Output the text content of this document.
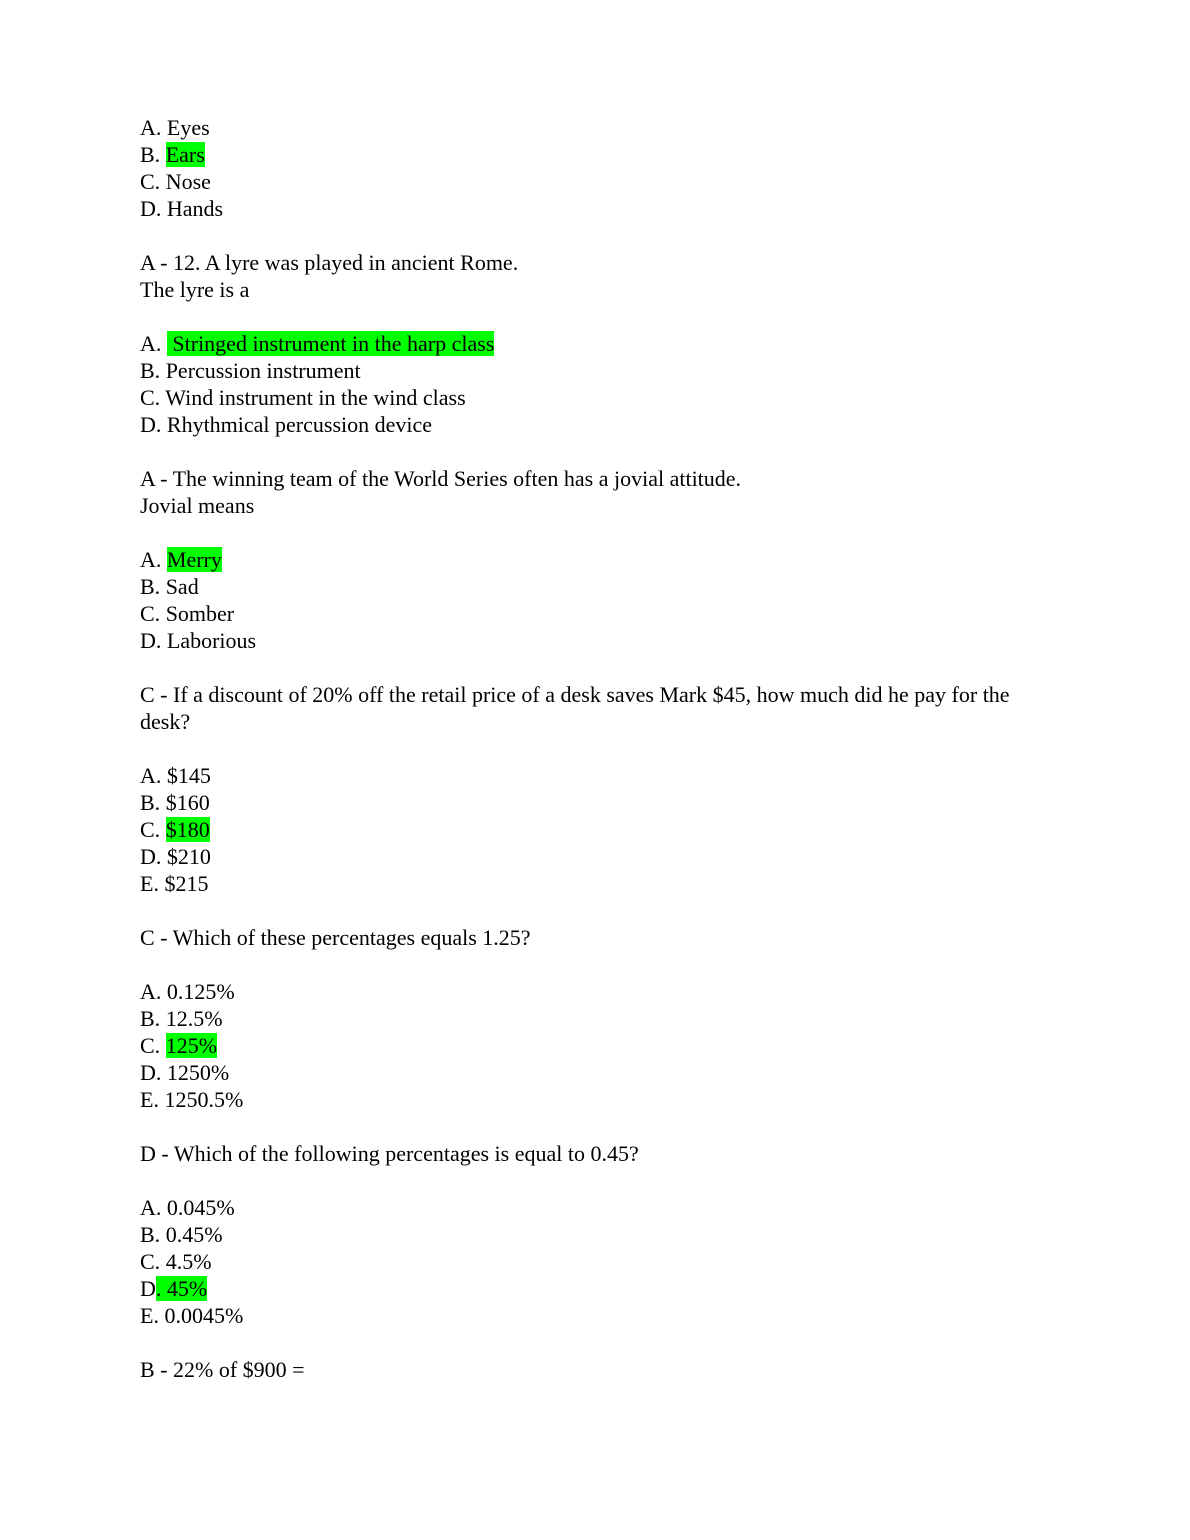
A. Eyes
B. Ears
C. Nose
D. Hands
A - 12. A lyre was played in ancient Rome.
The lyre is a
A.  Stringed instrument in the harp class
B. Percussion instrument
C. Wind instrument in the wind class
D. Rhythmical percussion device
A - The winning team of the World Series often has a jovial attitude.
Jovial means
A. Merry
B. Sad
C. Somber
D. Laborious
C - If a discount of 20% off the retail price of a desk saves Mark $45, how much did he pay for the desk?
A. $145
B. $160
C. $180
D. $210
E. $215
C - Which of these percentages equals 1.25?
A. 0.125%
B. 12.5%
C. 125%
D. 1250%
E. 1250.5%
D - Which of the following percentages is equal to 0.45?
A. 0.045%
B. 0.45%
C. 4.5%
D. 45%
E. 0.0045%
B - 22% of $900 =
